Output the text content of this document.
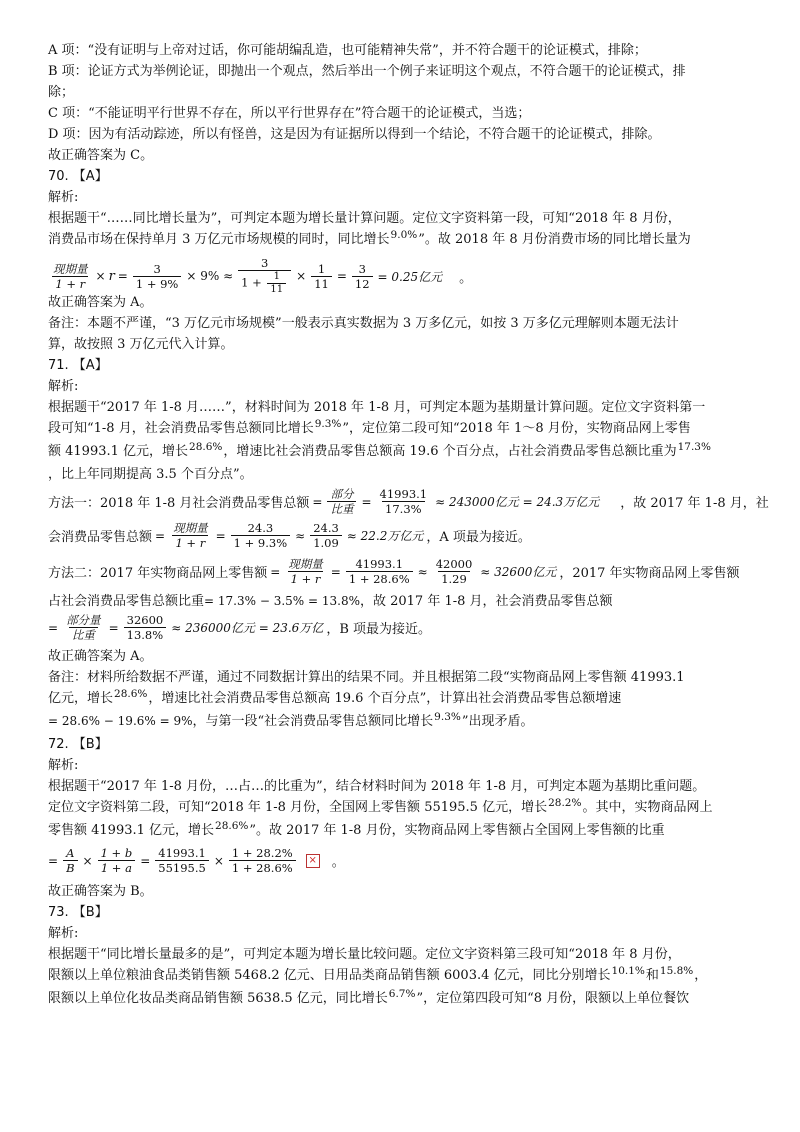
A 项：“没有证明与上帝对过话，你可能胡编乱造，也可能精神失常”，并不符合题干的论证模式，排除；
B 项：论证方式为举例论证，即抛出一个观点，然后举出一个例子来证明这个观点，不符合题干的论证模式，排
除；
C 项：“不能证明平行世界不存在，所以平行世界存在”符合题干的论证模式，当选；
D 项：因为有活动踪迹，所以有怪兽，这是因为有证据所以得到一个结论，不符合题干的论证模式，排除。
故正确答案为 C。
70. 【A】
解析:
根据题干“……同比增长量为”，可判定本题为增长量计算问题。定位文字资料第一段，可知“2018 年 8 月份，
消费品市场在保持单月 3 万亿元市场规模的同时，同比增长$^{9.0\%}$”。故 2018 年 8 月份消费市场的同比增长量为
$\frac{\text{现期量}}{1 + r} \times r = \frac{3}{1 + 9\%} \times 9\% \approx \frac{3}{1 + \frac{1}{11}} \times \frac{1}{11} = \frac{3}{12} = 0.25$亿元 。
故正确答案为 A。
备注：本题不严谨，“3 万亿元市场规模”一般表示真实数据为 3 万多亿元，如按 3 万多亿元理解则本题无法计
算，故按照 3 万亿元代入计算。
71. 【A】
解析:
根据题干“2017 年 1-8 月……”，材料时间为 2018 年 1-8 月，可判定本题为基期量计算问题。定位文字资料第一
段可知“1-8 月，社会消费品零售总额同比增长$^{9.3\%}$”，定位第二段可知“2018 年 1～8 月份，实物商品网上零售
额 41993.1 亿元，增长$^{28.6\%}$，增速比社会消费品零售总额高 19.6 个百分点，占社会消费品零售总额比重为$^{17.3\%}$
，比上年同期提高 3.5 个百分点”。
方法一：2018 年 1-8 月社会消费品零售总额 = $\frac{\text{部分}}{\text{比重}} = \frac{41993.1}{17.3\%} \approx 243000$亿元 = 24.3万亿元 ，故 2017 年 1-8 月，社
会消费品零售总额 = $\frac{\text{现期量}}{1 + r} = \frac{24.3}{1 + 9.3\%} \approx \frac{24.3}{1.09} \approx 22.2$万亿元 ，A 项最为接近。
方法二：2017 年实物商品网上零售额 = $\frac{\text{现期量}}{1 + r} = \frac{41993.1}{1 + 28.6\%} \approx \frac{42000}{1.29} \approx 32600$亿元 ，2017 年实物商品网上零售额
占社会消费品零售总额比重= 17.3% − 3.5% = 13.8%，故 2017 年 1-8 月，社会消费品零售总额
= $\frac{\text{部分量}}{\text{比重}} = \frac{32600}{13.8\%} \approx 236000$亿元 = 23.6万亿 ，B 项最为接近。
故正确答案为 A。
备注：材料所给数据不严谨，通过不同数据计算出的结果不同。并且根据第二段“实物商品网上零售额 41993.1
亿元，增长$^{28.6\%}$，增速比社会消费品零售总额高 19.6 个百分点”，计算出社会消费品零售总额增速
= 28.6% − 19.6% = 9%，与第一段“社会消费品零售总额同比增长$^{9.3\%}$”出现矛盾。
72. 【B】
解析:
根据题干“2017 年 1-8 月份，…占…的比重为”，结合材料时间为 2018 年 1-8 月，可判定本题为基期比重问题。
定位文字资料第二段，可知“2018 年 1-8 月份，全国网上零售额 55195.5 亿元，增长$^{28.2\%}$。其中，实物商品网上
零售额 41993.1 亿元，增长$^{28.6\%}$”。故 2017 年 1-8 月份，实物商品网上零售额占全国网上零售额的比重
= $\frac{A}{B} \times \frac{1 + b}{1 + a} = \frac{41993.1}{55195.5} \times \frac{1 + 28.2\%}{1 + 28.6\%}$ × 。
故正确答案为 B。
73. 【B】
解析:
根据题干“同比增长量最多的是”，可判定本题为增长量比较问题。定位文字资料第三段可知“2018 年 8 月份，
限额以上单位粮油食品类销售额 5468.2 亿元、日用品类商品销售额 6003.4 亿元，同比分别增长$^{10.1\%}$和$^{15.8\%}$，
限额以上单位化妆品类商品销售额 5638.5 亿元，同比增长$^{6.7\%}$”，定位第四段可知“8 月份，限额以上单位餐饮
